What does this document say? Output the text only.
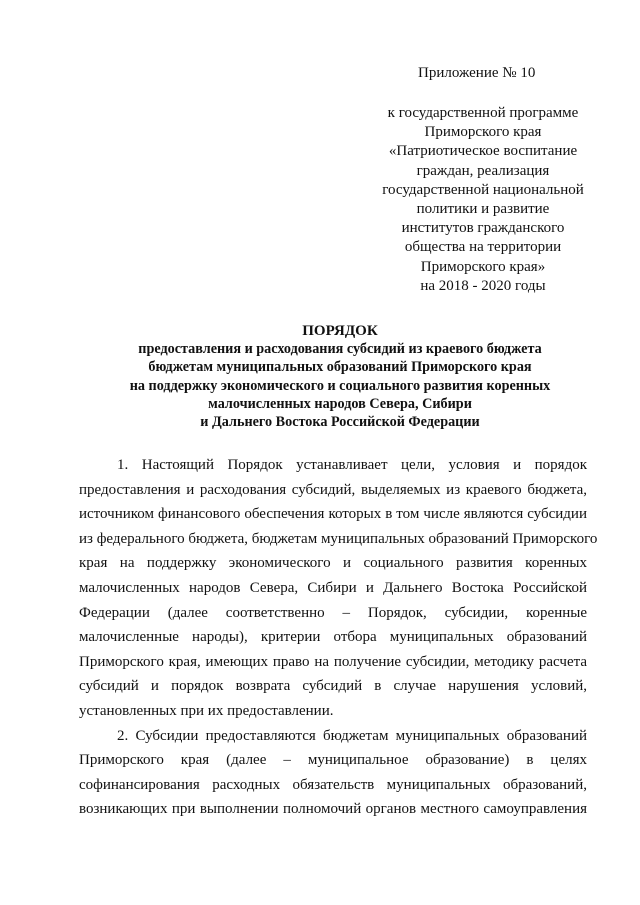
Приложение № 10
к государственной программе
Приморского края
«Патриотическое воспитание
граждан, реализация
государственной национальной
политики и развитие
институтов гражданского
общества на территории
Приморского края»
на 2018 - 2020 годы
ПОРЯДОК
предоставления и расходования субсидий из краевого бюджета
бюджетам муниципальных образований Приморского края
на поддержку экономического и социального развития коренных
малочисленных народов Севера, Сибири
и Дальнего Востока Российской Федерации

1. Настоящий Порядок устанавливает цели, условия и порядок
предоставления и расходования субсидий, выделяемых из краевого бюджета,
источником финансового обеспечения которых в том числе являются субсидии
из федерального бюджета, бюджетам муниципальных образований Приморского
края на поддержку экономического и социального развития коренных
малочисленных народов Севера, Сибири и Дальнего Востока Российской
Федерации (далее соответственно – Порядок, субсидии, коренные
малочисленные народы), критерии отбора муниципальных образований
Приморского края, имеющих право на получение субсидии, методику расчета
субсидий и порядок возврата субсидий в случае нарушения условий,
установленных при их предоставлении.

2. Субсидии предоставляются бюджетам муниципальных образований
Приморского края (далее – муниципальное образование) в целях
софинансирования расходных обязательств муниципальных образований,
возникающих при выполнении полномочий органов местного самоуправления
